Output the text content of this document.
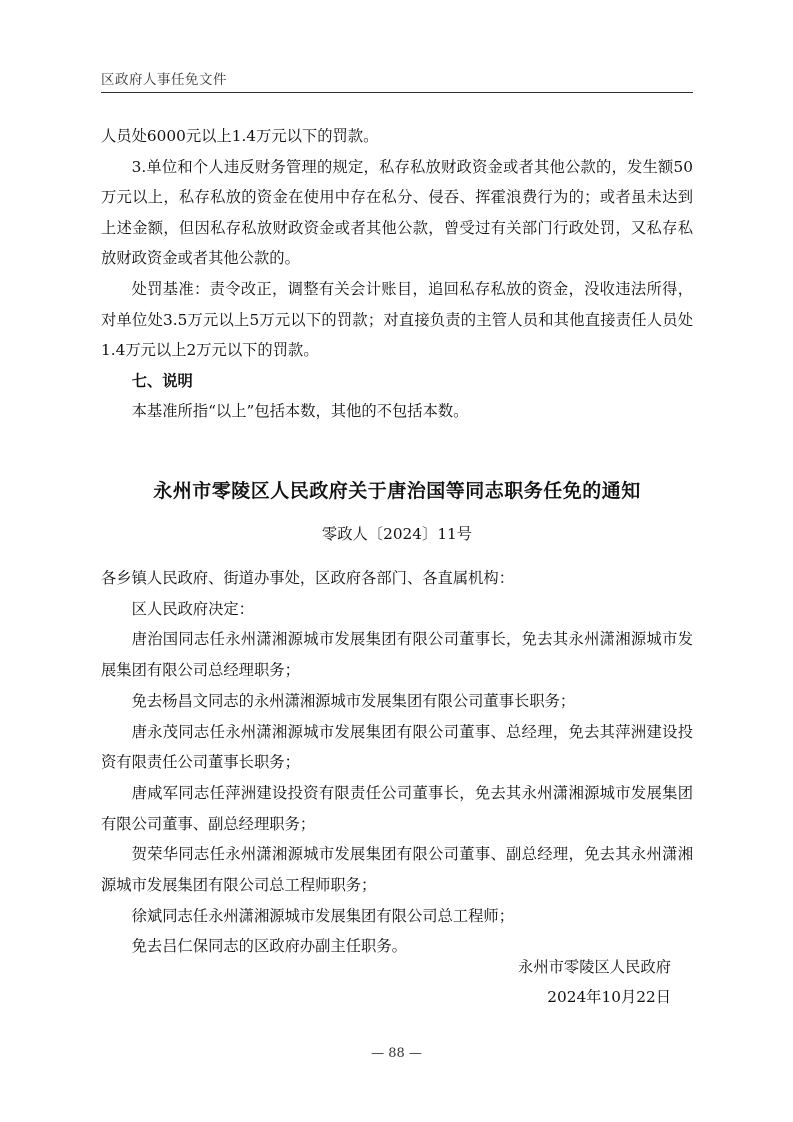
区政府人事任免文件

人员处6000元以上1.4万元以下的罚款。

3.单位和个人违反财务管理的规定，私存私放财政资金或者其他公款的，发生额50万元以上，私存私放的资金在使用中存在私分、侵吞、挥霍浪费行为的；或者虽未达到上述金额，但因私存私放财政资金或者其他公款，曾受过有关部门行政处罚，又私存私放财政资金或者其他公款的。

处罚基准：责令改正，调整有关会计账目，追回私存私放的资金，没收违法所得，对单位处3.5万元以上5万元以下的罚款；对直接负责的主管人员和其他直接责任人员处1.4万元以上2万元以下的罚款。

七、说明

本基准所指“以上”包括本数，其他的不包括本数。

永州市零陵区人民政府关于唐治国等同志职务任免的通知
零政人〔2024〕11号

各乡镇人民政府、街道办事处，区政府各部门、各直属机构：

区人民政府决定：

唐治国同志任永州潇湘源城市发展集团有限公司董事长，免去其永州潇湘源城市发展集团有限公司总经理职务；

免去杨昌文同志的永州潇湘源城市发展集团有限公司董事长职务；

唐永茂同志任永州潇湘源城市发展集团有限公司董事、总经理，免去其萍洲建设投资有限责任公司董事长职务；

唐咸军同志任萍洲建设投资有限责任公司董事长，免去其永州潇湘源城市发展集团有限公司董事、副总经理职务；

贺荣华同志任永州潇湘源城市发展集团有限公司董事、副总经理，免去其永州潇湘源城市发展集团有限公司总工程师职务；

徐斌同志任永州潇湘源城市发展集团有限公司总工程师；

免去吕仁保同志的区政府办副主任职务。

永州市零陵区人民政府
2024年10月22日
— 88 —
